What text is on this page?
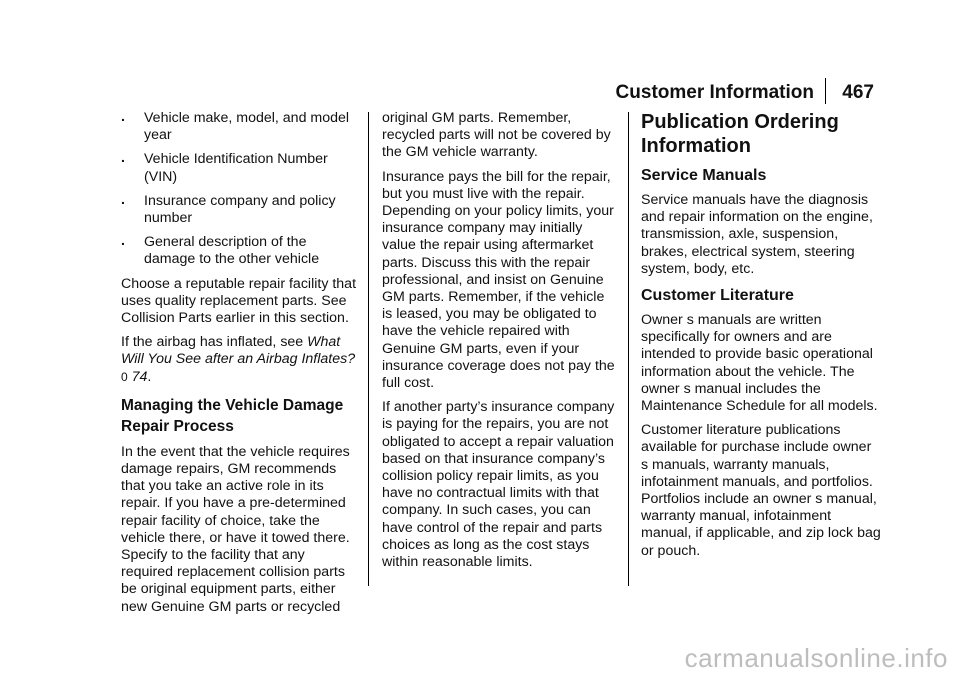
Customer Information 467
. Vehicle make, model, and model year
. Vehicle Identification Number (VIN)
. Insurance company and policy number
. General description of the damage to the other vehicle

Choose a reputable repair facility that uses quality replacement parts. See Collision Parts earlier in this section.

If the airbag has inflated, see What Will You See after an Airbag Inflates? 0 74.

Managing the Vehicle Damage Repair Process

In the event that the vehicle requires damage repairs, GM recommends that you take an active role in its repair. If you have a pre-determined repair facility of choice, take the vehicle there, or have it towed there. Specify to the facility that any required replacement collision parts be original equipment parts, either new Genuine GM parts or recycled

original GM parts. Remember, recycled parts will not be covered by the GM vehicle warranty.

Insurance pays the bill for the repair, but you must live with the repair. Depending on your policy limits, your insurance company may initially value the repair using aftermarket parts. Discuss this with the repair professional, and insist on Genuine GM parts. Remember, if the vehicle is leased, you may be obligated to have the vehicle repaired with Genuine GM parts, even if your insurance coverage does not pay the full cost.

If another party’s insurance company is paying for the repairs, you are not obligated to accept a repair valuation based on that insurance company’s collision policy repair limits, as you have no contractual limits with that company. In such cases, you can have control of the repair and parts choices as long as the cost stays within reasonable limits.

Publication Ordering Information
Service Manuals

Service manuals have the diagnosis and repair information on the engine, transmission, axle, suspension, brakes, electrical system, steering system, body, etc.

Customer Literature

Owner s manuals are written specifically for owners and are intended to provide basic operational information about the vehicle. The owner s manual includes the Maintenance Schedule for all models.

Customer literature publications available for purchase include owner s manuals, warranty manuals, infotainment manuals, and portfolios. Portfolios include an owner s manual, warranty manual, infotainment manual, if applicable, and zip lock bag or pouch.

carmanualsonline.info
